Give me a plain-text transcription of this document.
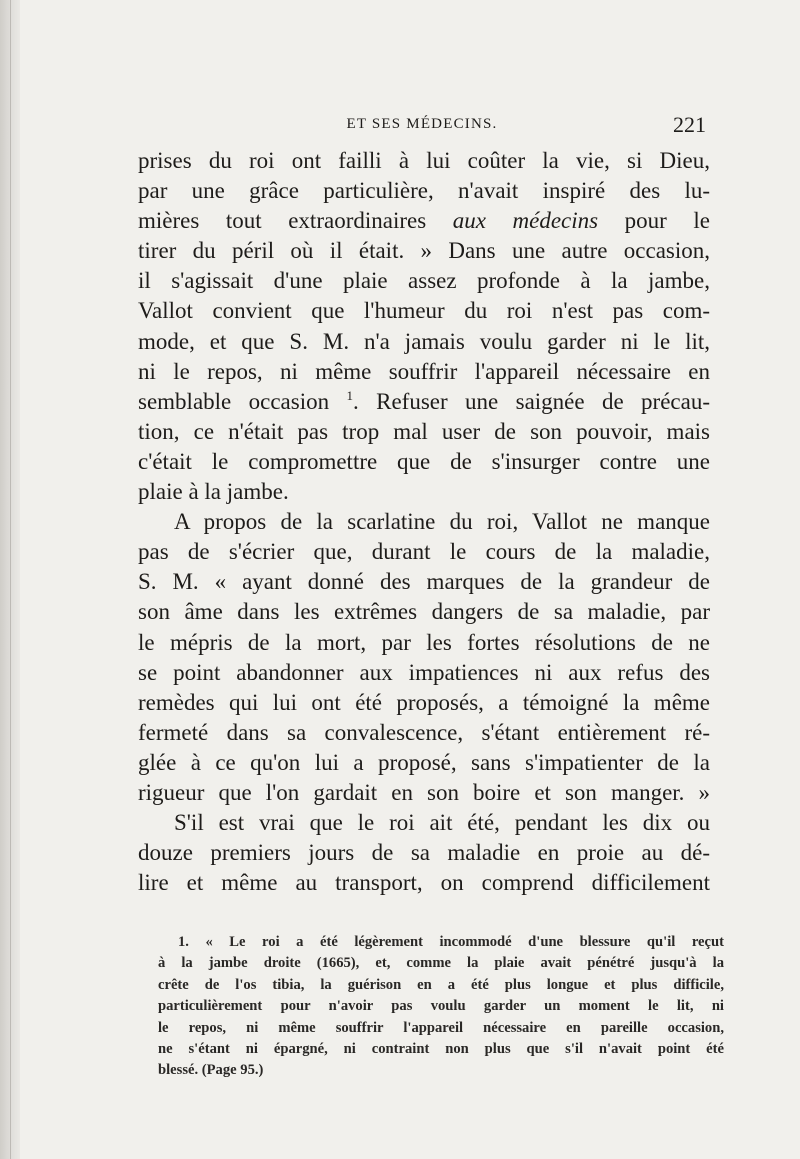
ET SES MÉDECINS.	221
prises du roi ont failli à lui coûter la vie, si Dieu,
par une grâce particulière, n'avait inspiré des lu-
mières tout extraordinaires aux médecins pour le
tirer du péril où il était. » Dans une autre occasion,
il s'agissait d'une plaie assez profonde à la jambe,
Vallot convient que l'humeur du roi n'est pas com-
mode, et que S. M. n'a jamais voulu garder ni le lit,
ni le repos, ni même souffrir l'appareil nécessaire en
semblable occasion $^1$. Refuser une saignée de précau-
tion, ce n'était pas trop mal user de son pouvoir, mais
c'était le compromettre que de s'insurger contre une
plaie à la jambe.
A propos de la scarlatine du roi, Vallot ne manque
pas de s'écrier que, durant le cours de la maladie,
S. M. « ayant donné des marques de la grandeur de
son âme dans les extrêmes dangers de sa maladie, par
le mépris de la mort, par les fortes résolutions de ne
se point abandonner aux impatiences ni aux refus des
remèdes qui lui ont été proposés, a témoigné la même
fermeté dans sa convalescence, s'étant entièrement ré-
glée à ce qu'on lui a proposé, sans s'impatienter de la
rigueur que l'on gardait en son boire et son manger. »
S'il est vrai que le roi ait été, pendant les dix ou
douze premiers jours de sa maladie en proie au dé-
lire et même au transport, on comprend difficilement
1. « Le roi a été légèrement incommodé d'une blessure qu'il reçut
à la jambe droite (1665), et, comme la plaie avait pénétré jusqu'à la
crête de l'os tibia, la guérison en a été plus longue et plus difficile,
particulièrement pour n'avoir pas voulu garder un moment le lit, ni
le repos, ni même souffrir l'appareil nécessaire en pareille occasion,
ne s'étant ni épargné, ni contraint non plus que s'il n'avait point été
blessé. (Page 95.)
